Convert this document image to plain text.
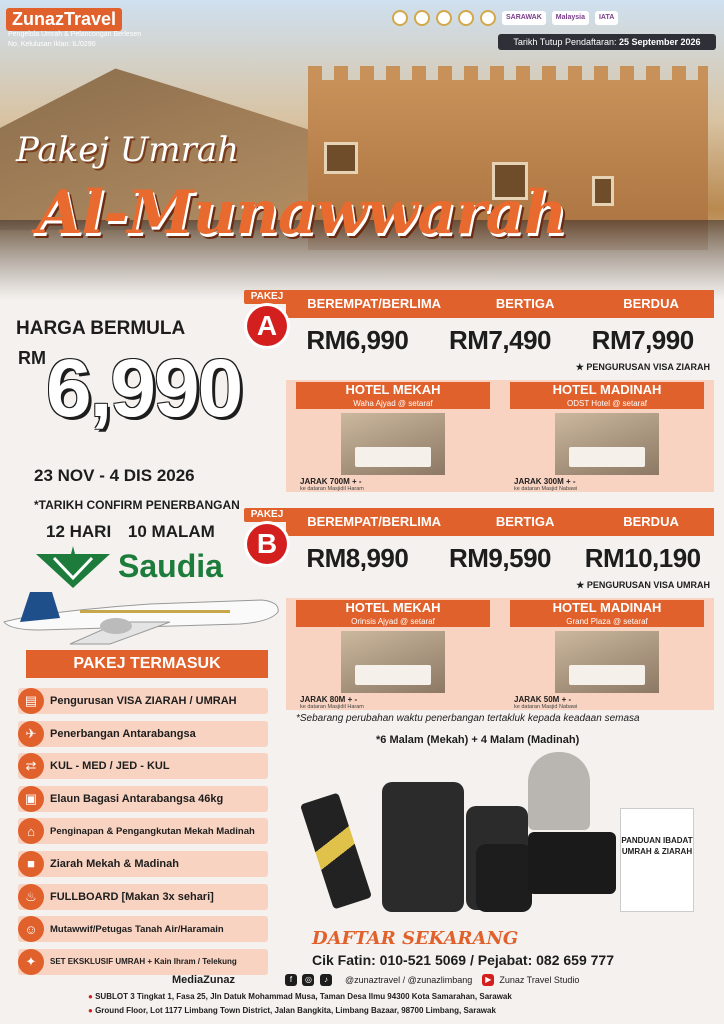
ZunazTravel
Pengelola Umrah & Pelancongan Berlesen
No. Kelulusan Iklan: IL/0290
SARAWAK	Malaysia	IATA
Tarikh Tutup Pendaftaran: 25 September 2026
Pakej Umrah
Al-Munawwarah
HARGA BERMULA
RM 6,990
23 NOV - 4 DIS 2026
*TARIKH CONFIRM PENERBANGAN
12 HARI 10 MALAM
Saudia
PAKEJ TERMASUK
▤	Pengurusan VISA ZIARAH / UMRAH
✈	Penerbangan Antarabangsa
⇄	KUL - MED / JED - KUL
▣	Elaun Bagasi Antarabangsa 46kg
⌂	Penginapan & Pengangkutan Mekah Madinah
■	Ziarah Mekah & Madinah
♨	FULLBOARD [Makan 3x sehari]
☺	Mutawwif/Petugas Tanah Air/Haramain
✦	SET EKSKLUSIF UMRAH + Kain Ihram / Telekung
BEREMPAT/BERLIMA	BERTIGA	BERDUA
RM6,990	RM7,490	RM7,990
★ PENGURUSAN VISA ZIARAH
HOTEL MEKAH
Waha Ajyad @ setaraf
JARAK 700M + -
ke dataran Masjidil Haram
HOTEL MADINAH
ODST Hotel @ setaraf
JARAK 300M + -
ke dataran Masjid Nabawi
PAKEJ
A
BEREMPAT/BERLIMA	BERTIGA	BERDUA
RM8,990	RM9,590	RM10,190
★ PENGURUSAN VISA UMRAH
HOTEL MEKAH
Orinsis Ajyad @ setaraf
JARAK 80M + -
ke dataran Masjidil Haram
HOTEL MADINAH
Grand Plaza @ setaraf
JARAK 50M + -
ke dataran Masjid Nabawi
PAKEJ
B
*Sebarang perubahan waktu penerbangan tertakluk kepada keadaan semasa
*6 Malam (Mekah) + 4 Malam (Madinah)
PANDUAN IBADAT UMRAH & ZIARAH
DAFTAR SEKARANG
Cik Fatin: 010-521 5069 / Pejabat: 082 659 777
MediaZunaz	f ◎ ♪	@zunaztravel / @zunazlimbang	▶ Zunaz Travel Studio
● SUBLOT 3 Tingkat 1, Fasa 25, Jln Datuk Mohammad Musa, Taman Desa Ilmu 94300 Kota Samarahan, Sarawak
● Ground Floor, Lot 1177 Limbang Town District, Jalan Bangkita, Limbang Bazaar, 98700 Limbang, Sarawak
